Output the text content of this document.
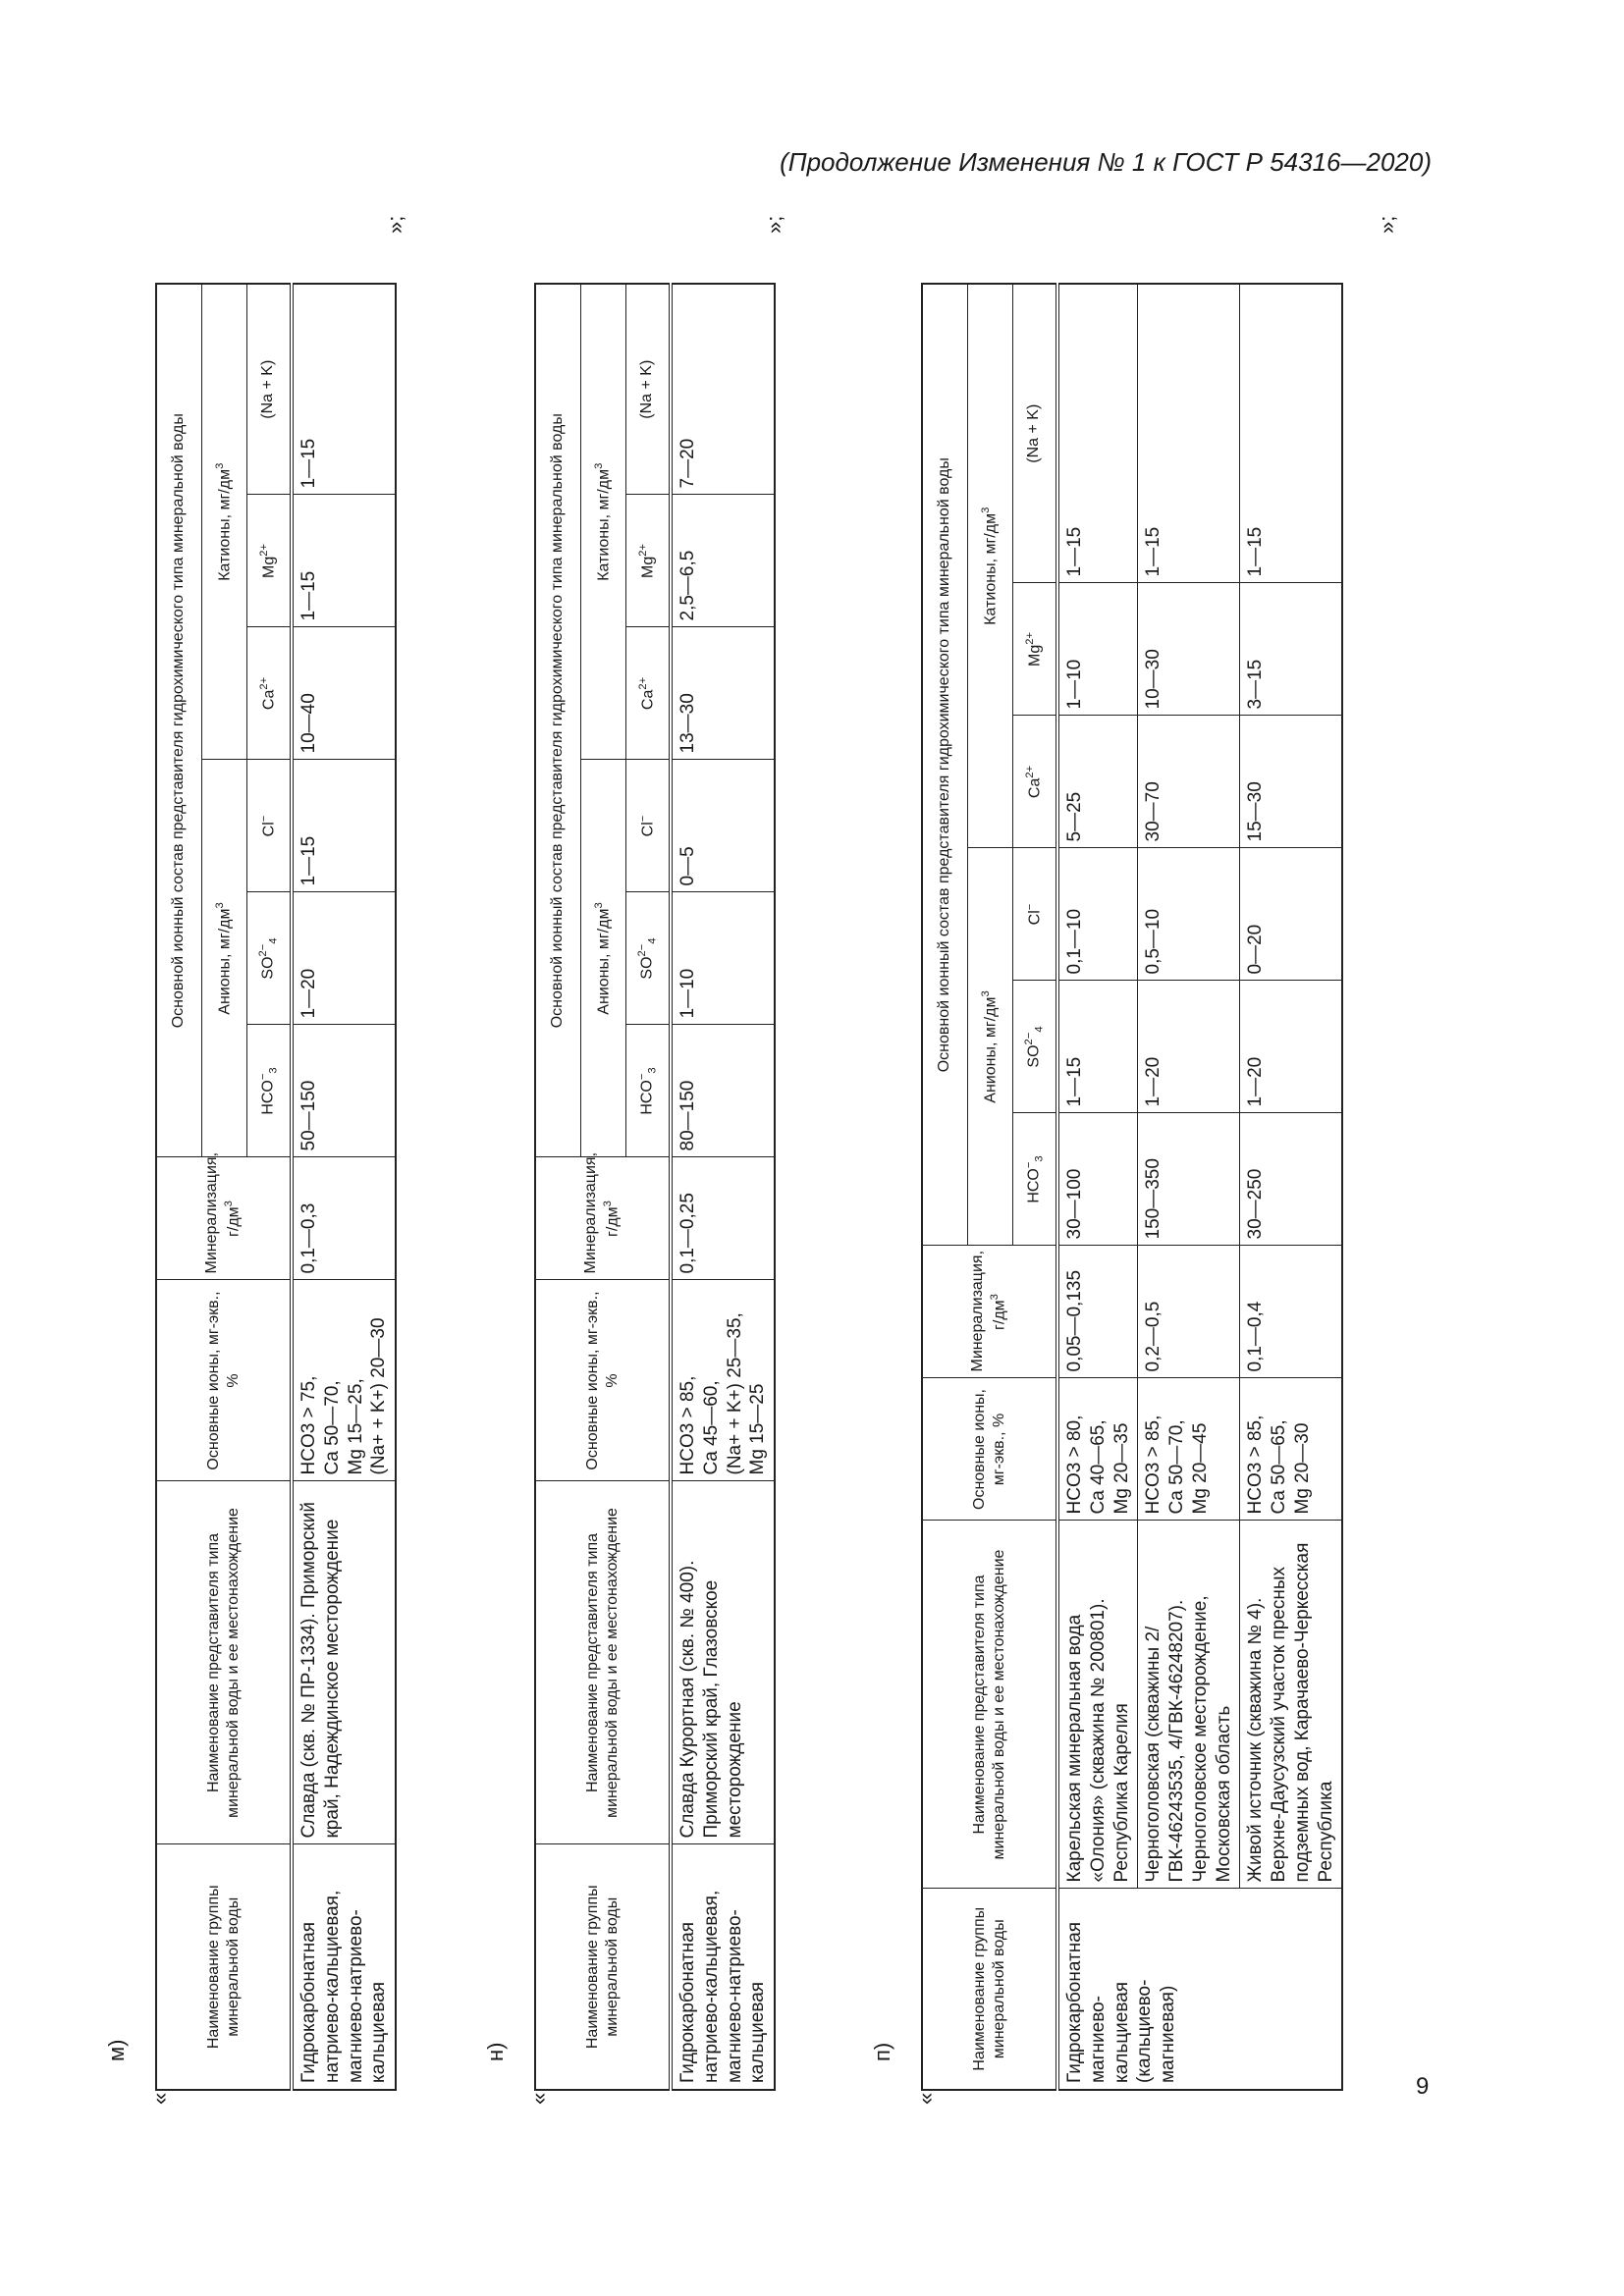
(Продолжение Изменения № 1 к ГОСТ Р 54316—2020)
9
м)
«
»;
Наименование группы минеральной воды	Наименование представителя типа минеральной воды и ее местонахождение	Основные ионы, мг-экв., %	Минерализация, $г/дм^3$	Основной ионный состав представителя гидрохимического типа минеральной воды					
				Анионы, $мг/дм^3$			Катионы, $мг/дм^3$
				$HCO^-_3$	$SO^{2-}_4$	Cl−	$Ca^{2+}$	$Mg^{2+}$	(Na + K)
Гидрокарбонатная натриево-кальциевая, магниево-натриево-кальциевая	Славда (скв. № ПР-1334). Приморский край, Надеждинское месторождение	HCO3 > 75, Ca 50—70, Mg 15—25, (Na+ + K+) 20—30	0,1—0,3	50—150	1—20	1—15	10—40	1—15	1—15
н)
«
»;
Наименование группы минеральной воды	Наименование представителя типа минеральной воды и ее местонахождение	Основные ионы, мг-экв., %	Минерализация, $г/дм^3$	Основной ионный состав представителя гидрохимического типа минеральной воды					
				Анионы, $мг/дм^3$			Катионы, $мг/дм^3$
				$HCO^-_3$	$SO^{2-}_4$	Cl−	$Ca^{2+}$	$Mg^{2+}$	(Na + K)
Гидрокарбонатная натриево-кальциевая, магниево-натриево-кальциевая	Славда Курортная (скв. № 400). Приморский край, Глазовское месторождение	HCO3 > 85, Ca 45—60, (Na+ + K+) 25—35, Mg 15—25	0,1—0,25	80—150	1—10	0—5	13—30	2,5—6,5	7—20
п)
«
»;
Наименование группы минеральной воды	Наименование представителя типа минеральной воды и ее местонахождение	Основные ионы, мг-экв., %	Минерализация, $г/дм^3$	Основной ионный состав представителя гидрохимического типа минеральной воды					
				Анионы, $мг/дм^3$			Катионы, $мг/дм^3$
				$HCO^-_3$	$SO^{2-}_4$	Cl−	$Ca^{2+}$	$Mg^{2+}$	(Na + K)
Гидрокарбонатная магниево-кальциевая (кальциево-магниевая)	Карельская минеральная вода «Олония» (скважина № 200801). Республика Карелия	HCO3 > 80, Ca 40—65, Mg 20—35	0,05—0,135	30—100	1—15	0,1—10	5—25	1—10	1—15
	Черноголовская (скважины 2/ГВК-46243535, 4/ГВК-46248207). Черноголовское месторождение, Московская область	HCO3 > 85, Ca 50—70, Mg 20—45	0,2—0,5	150—350	1—20	0,5—10	30—70	10—30	1—15
	Живой источник (скважина № 4). Верхне-Даусузский участок пресных подземных вод, Карачаево-Черкесская Республика	HCO3 > 85, Ca 50—65, Mg 20—30	0,1—0,4	30—250	1—20	0—20	15—30	3—15	1—15
